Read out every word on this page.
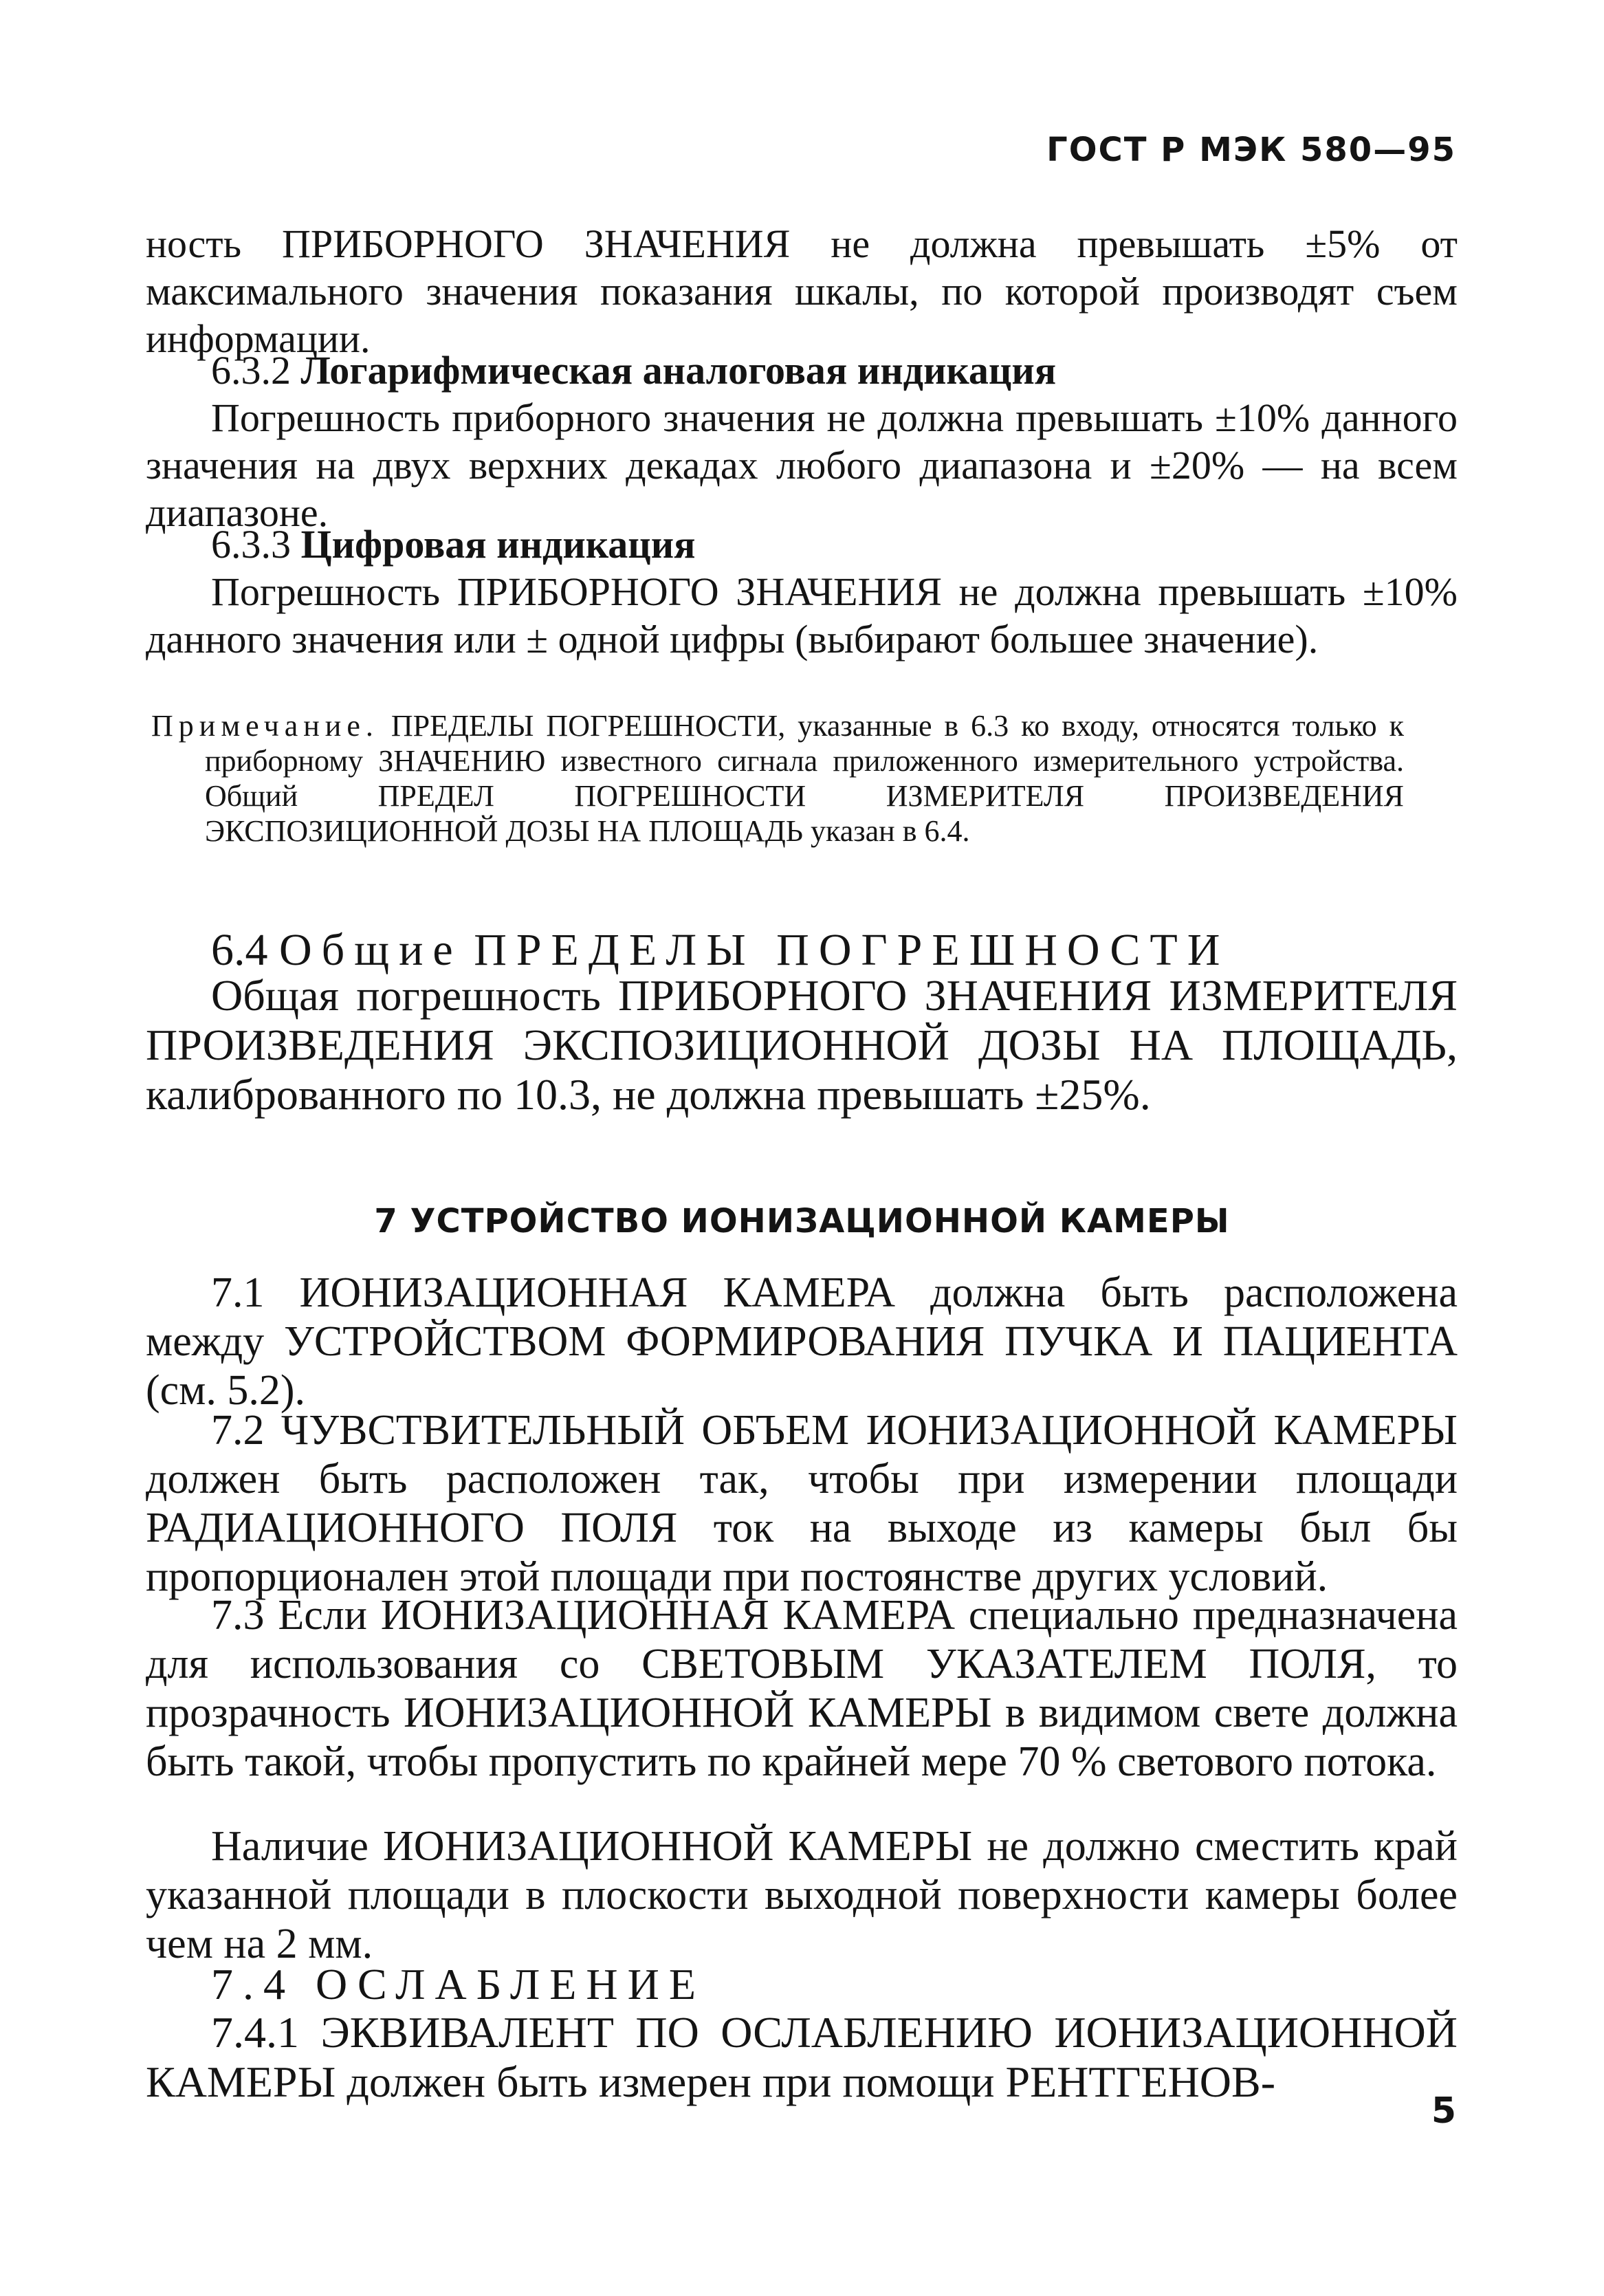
ГОСТ Р МЭК 580—95
ность ПРИБОРНОГО ЗНАЧЕНИЯ не должна превышать ±5% от максимального значения показания шкалы, по которой производят съем информации.
6.3.2 Логарифмическая аналоговая индикация
Погрешность приборного значения не должна превышать ±10% данного значения на двух верхних декадах любого диапазона и ±20% — на всем диапазоне.
6.3.3 Цифровая индикация
Погрешность ПРИБОРНОГО ЗНАЧЕНИЯ не должна превышать ±10% данного значения или ± одной цифры (выбирают большее значение).
Примечание. ПРЕДЕЛЫ ПОГРЕШНОСТИ, указанные в 6.3 ко входу, относятся только к приборному ЗНАЧЕНИЮ известного сигнала приложенного измерительного устройства. Общий ПРЕДЕЛ ПОГРЕШНОСТИ ИЗМЕРИТЕЛЯ ПРОИЗВЕДЕНИЯ ЭКСПОЗИЦИОННОЙ ДОЗЫ НА ПЛОЩАДЬ указан в 6.4.
6.4 Общие ПРЕДЕЛЫ ПОГРЕШНОСТИ
Общая погрешность ПРИБОРНОГО ЗНАЧЕНИЯ ИЗМЕРИТЕЛЯ ПРОИЗВЕДЕНИЯ ЭКСПОЗИЦИОННОЙ ДОЗЫ НА ПЛОЩАДЬ, калиброванного по 10.3, не должна превышать ±25%.
7 УСТРОЙСТВО ИОНИЗАЦИОННОЙ КАМЕРЫ
7.1 ИОНИЗАЦИОННАЯ КАМЕРА должна быть расположена между УСТРОЙСТВОМ ФОРМИРОВАНИЯ ПУЧКА И ПАЦИЕНТА (см. 5.2).
7.2 ЧУВСТВИТЕЛЬНЫЙ ОБЪЕМ ИОНИЗАЦИОННОЙ КАМЕРЫ должен быть расположен так, чтобы при измерении площади РАДИАЦИОННОГО ПОЛЯ ток на выходе из камеры был бы пропорционален этой площади при постоянстве других условий.
7.3 Если ИОНИЗАЦИОННАЯ КАМЕРА специально предназначена для использования со СВЕТОВЫМ УКАЗАТЕЛЕМ ПОЛЯ, то прозрачность ИОНИЗАЦИОННОЙ КАМЕРЫ в видимом свете должна быть такой, чтобы пропустить по крайней мере 70 % светового потока.
Наличие ИОНИЗАЦИОННОЙ КАМЕРЫ не должно сместить край указанной площади в плоскости выходной поверхности камеры более чем на 2 мм.
7.4 ОСЛАБЛЕНИЕ
7.4.1 ЭКВИВАЛЕНТ ПО ОСЛАБЛЕНИЮ ИОНИЗАЦИОННОЙ КАМЕРЫ должен быть измерен при помощи РЕНТГЕНОВ-
5
